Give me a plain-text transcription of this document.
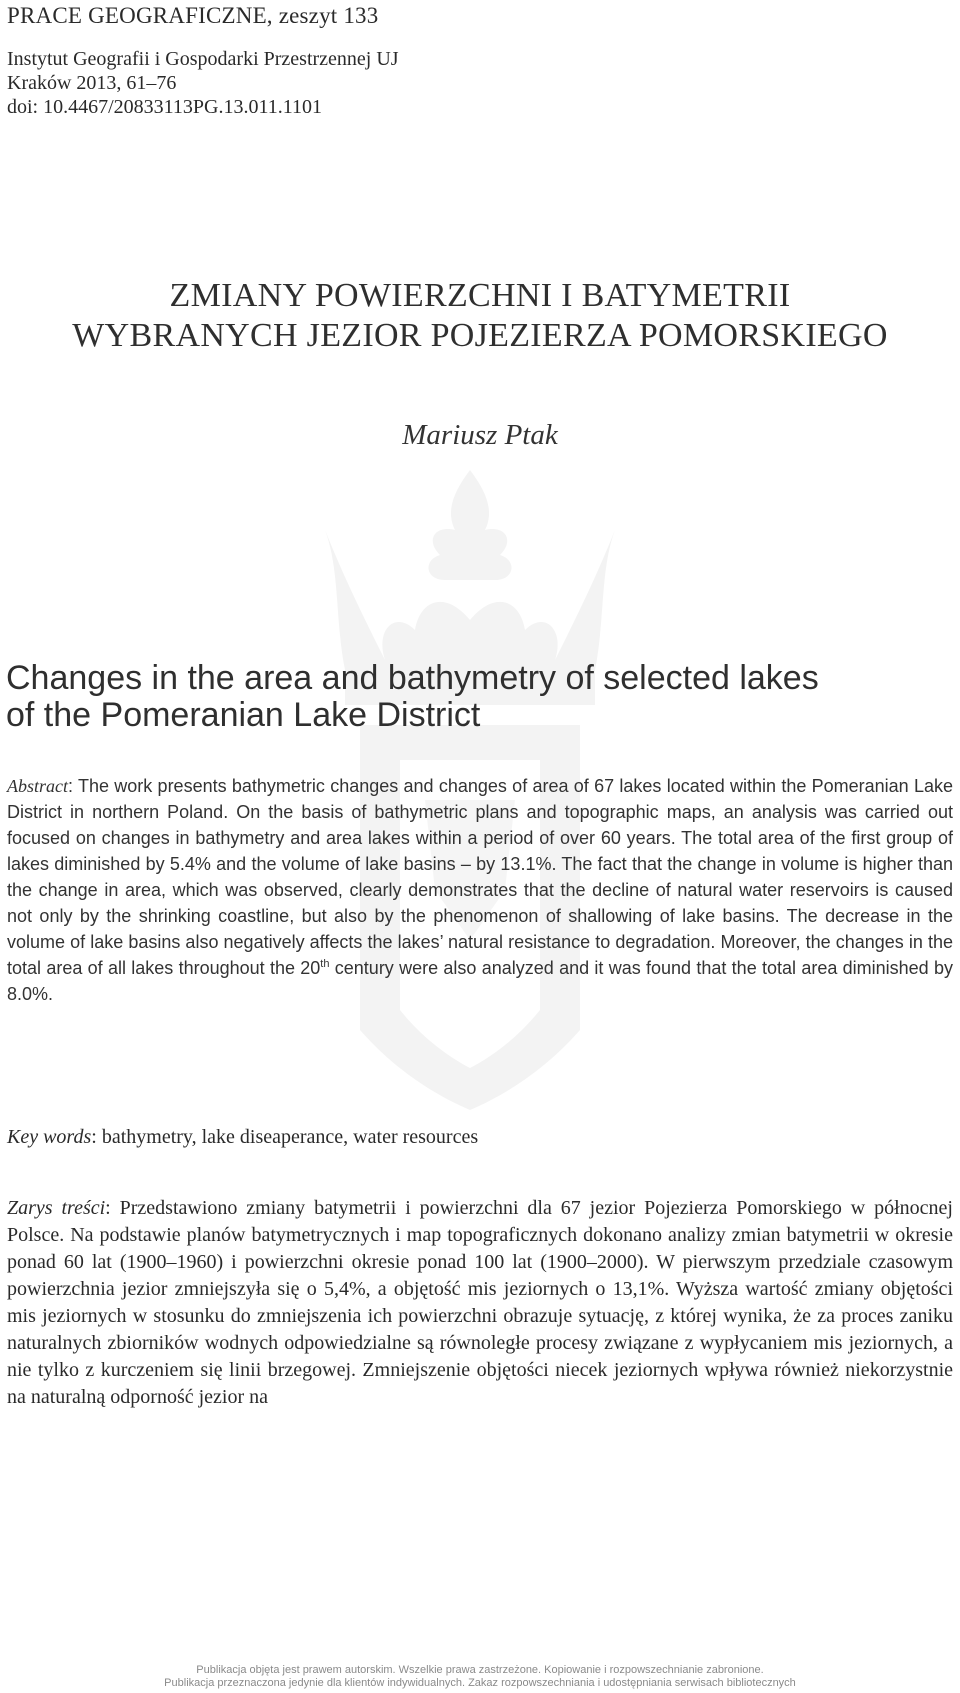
PRACE GEOGRAFICZNE, zeszyt 133
Instytut Geografii i Gospodarki Przestrzennej UJ
Kraków 2013, 61–76
doi: 10.4467/20833113PG.13.011.1101
ZMIANY POWIERZCHNI I BATYMETRII
WYBRANYCH JEZIOR POJEZIERZA POMORSKIEGO
Mariusz Ptak
Changes in the area and bathymetry of selected lakes
of the Pomeranian Lake District
Abstract: The work presents bathymetric changes and changes of area of 67 lakes located within the Pomeranian Lake District in northern Poland. On the basis of bathymetric plans and topographic maps, an analysis was carried out focused on changes in bathymetry and area lakes within a period of over 60 years. The total area of the first group of lakes diminished by 5.4% and the volume of lake basins – by 13.1%. The fact that the change in volume is higher than the change in area, which was observed, clearly demonstrates that the decline of natural water reservoirs is caused not only by the shrinking coastline, but also by the phenomenon of shallowing of lake basins. The decrease in the volume of lake basins also negatively affects the lakes’ natural resistance to degradation. Moreover, the changes in the total area of all lakes throughout the 20th century were also analyzed and it was found that the total area diminished by 8.0%.
Key words: bathymetry, lake diseaperance, water resources
Zarys treści: Przedstawiono zmiany batymetrii i powierzchni dla 67 jezior Pojezierza Pomorskiego w północnej Polsce. Na podstawie planów batymetrycznych i map topograficznych dokonano analizy zmian batymetrii w okresie ponad 60 lat (1900–1960) i powierzchni okresie ponad 100 lat (1900–2000). W pierwszym przedziale czasowym powierzchnia jezior zmniejszyła się o 5,4%, a objętość mis jeziornych o 13,1%. Wyższa wartość zmiany objętości mis jeziornych w stosunku do zmniejszenia ich powierzchni obrazuje sytuację, z której wynika, że za proces zaniku naturalnych zbiorników wodnych odpowiedzialne są równoległe procesy związane z wypłycaniem mis jeziornych, a nie tylko z kurczeniem się linii brzegowej. Zmniejszenie objętości niecek jeziornych wpływa również niekorzystnie na naturalną odporność jezior na
Publikacja objęta jest prawem autorskim. Wszelkie prawa zastrzeżone. Kopiowanie i rozpowszechnianie zabronione.
Publikacja przeznaczona jedynie dla klientów indywidualnych. Zakaz rozpowszechniania i udostępniania serwisach bibliotecznych
